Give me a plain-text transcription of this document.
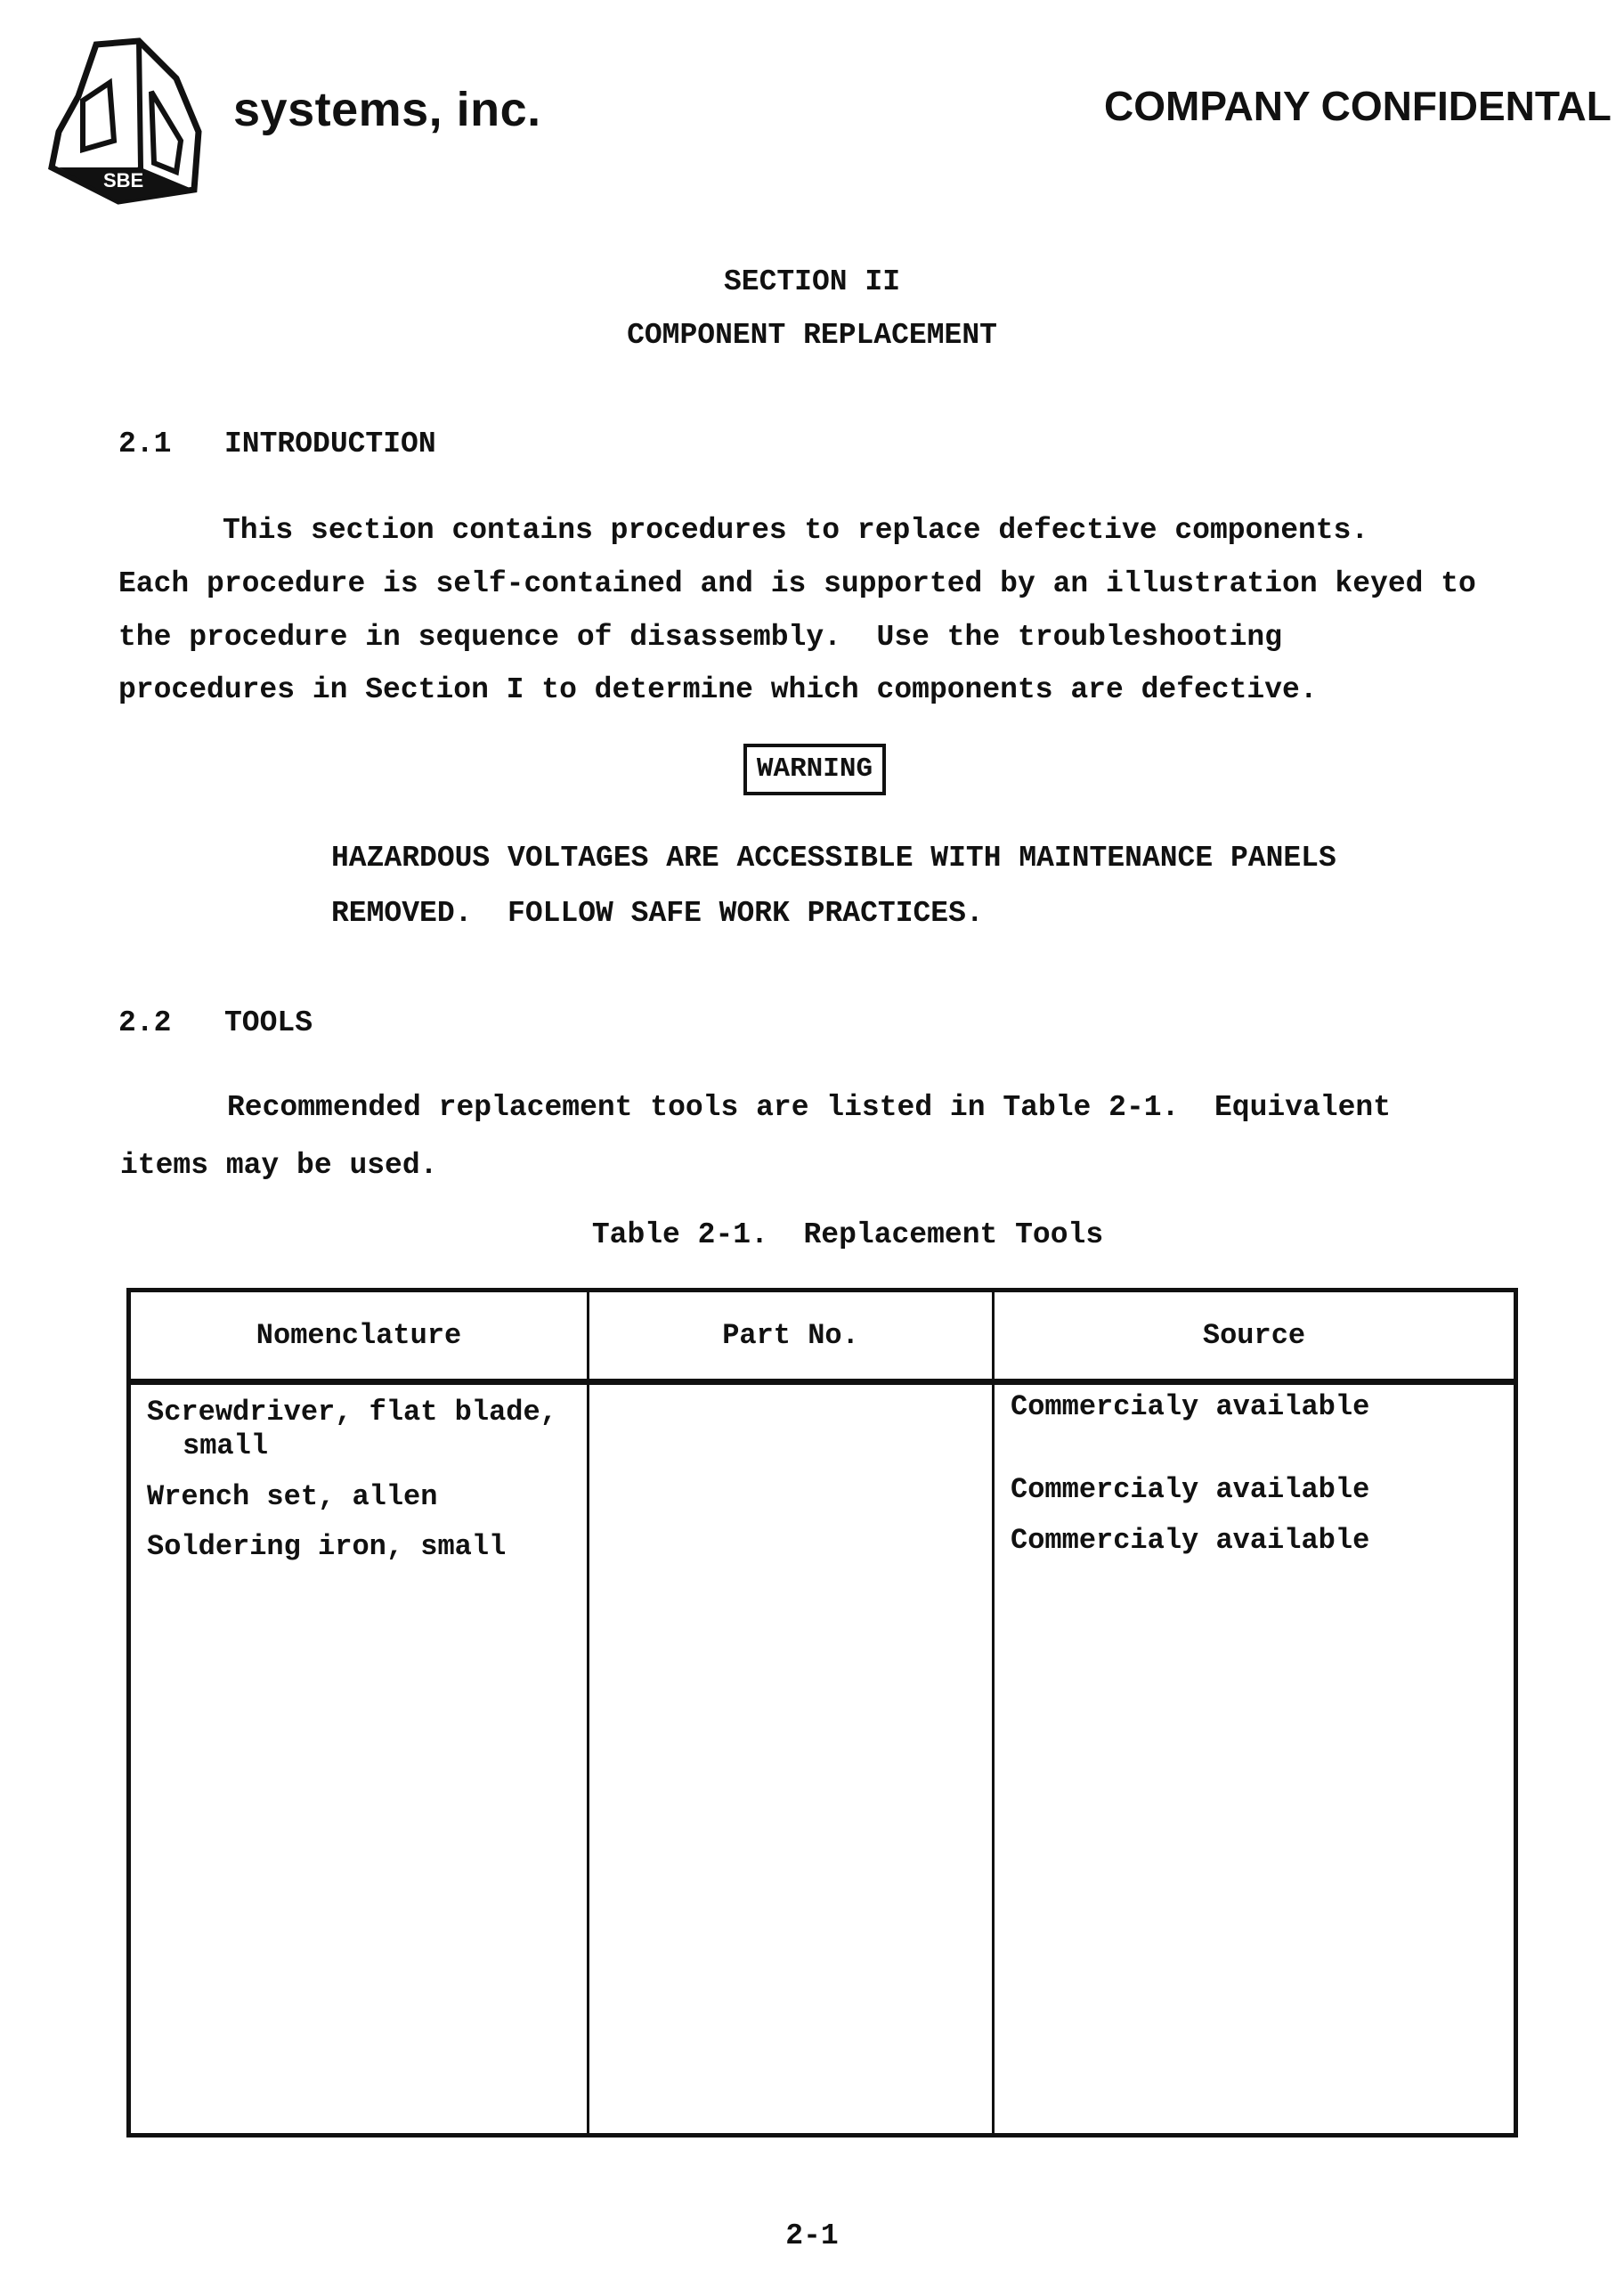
SBE
systems, inc.	COMPANY CONFIDENTAL
SECTION II
COMPONENT REPLACEMENT
2.1 INTRODUCTION
This section contains procedures to replace defective components.
Each procedure is self-contained and is supported by an illustration keyed to
the procedure in sequence of disassembly.  Use the troubleshooting
procedures in Section I to determine which components are defective.
WARNING
HAZARDOUS VOLTAGES ARE ACCESSIBLE WITH MAINTENANCE PANELS
REMOVED.  FOLLOW SAFE WORK PRACTICES.
2.2 TOOLS
Recommended replacement tools are listed in Table 2-1.  Equivalent
items may be used.
Table 2-1.  Replacement Tools
Nomenclature	Part No.	Source

Screwdriver, flat blade,
small
Wrench set, allen
Soldering iron, small

Commercialy available
Commercialy available
Commercialy available
2-1
